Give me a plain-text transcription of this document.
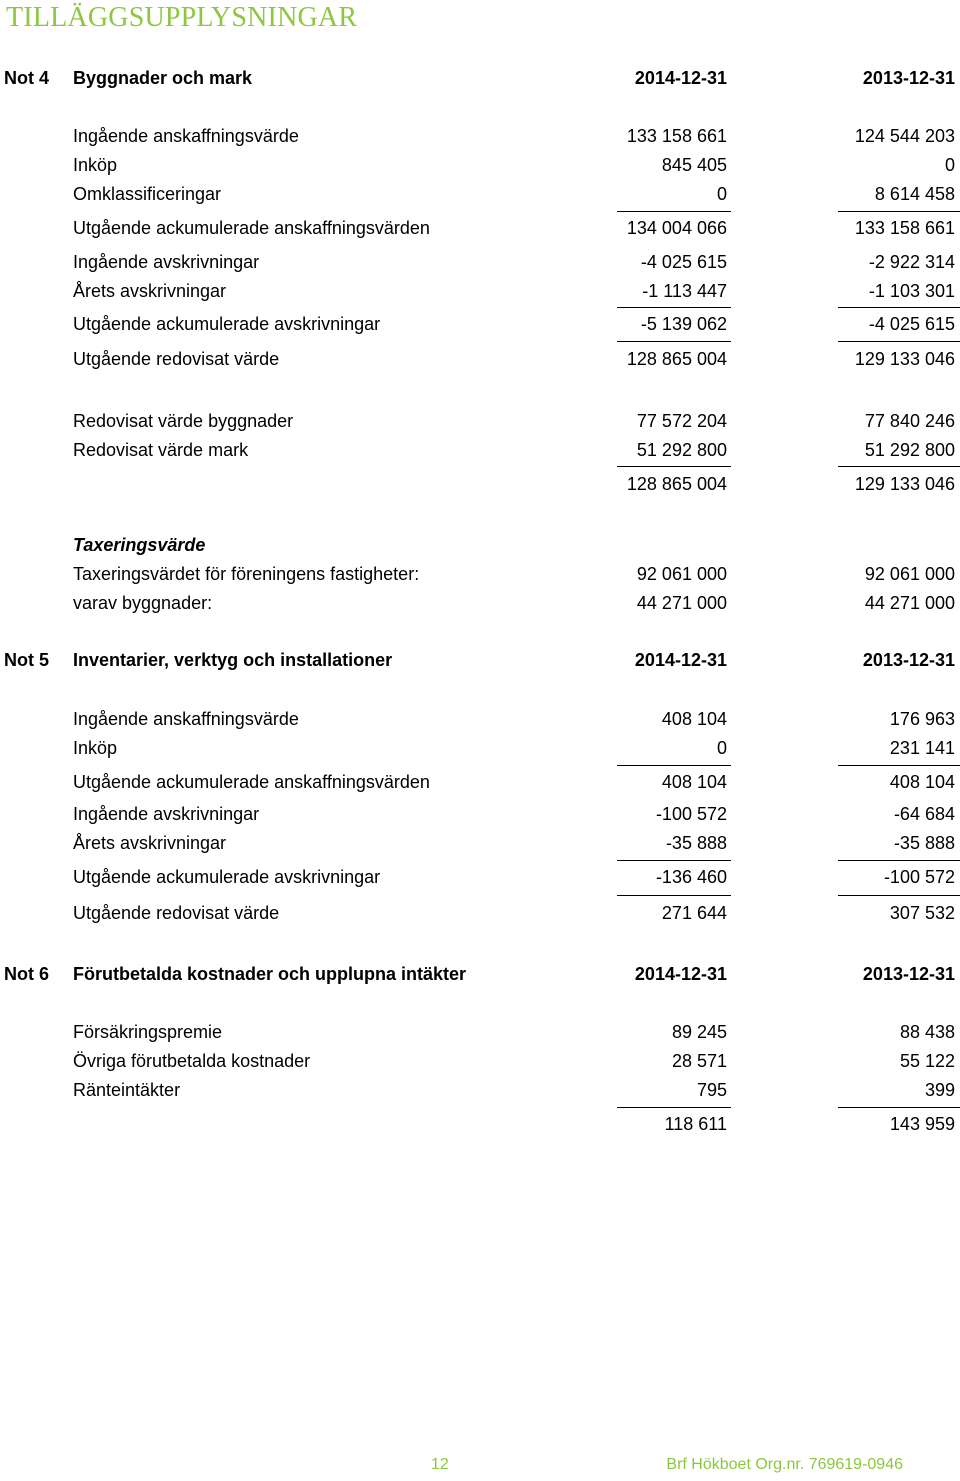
TILLÄGGSUPPLYSNINGAR
Not 4 Byggnader och mark	2014-12-31	2013-12-31
Ingående anskaffningsvärde	133 158 661	124 544 203
Inköp	845 405	0
Omklassificeringar	0	8 614 458
Utgående ackumulerade anskaffningsvärden	134 004 066	133 158 661
Ingående avskrivningar	-4 025 615	-2 922 314
Årets avskrivningar	-1 113 447	-1 103 301
Utgående ackumulerade avskrivningar	-5 139 062	-4 025 615
Utgående redovisat värde	128 865 004	129 133 046
Redovisat värde byggnader	77 572 204	77 840 246
Redovisat värde mark	51 292 800	51 292 800
128 865 004	129 133 046
Taxeringsvärde
Taxeringsvärdet för föreningens fastigheter:	92 061 000	92 061 000
varav byggnader:	44 271 000	44 271 000
Not 5 Inventarier, verktyg och installationer	2014-12-31	2013-12-31
Ingående anskaffningsvärde	408 104	176 963
Inköp	0	231 141
Utgående ackumulerade anskaffningsvärden	408 104	408 104
Ingående avskrivningar	-100 572	-64 684
Årets avskrivningar	-35 888	-35 888
Utgående ackumulerade avskrivningar	-136 460	-100 572
Utgående redovisat värde	271 644	307 532
Not 6 Förutbetalda kostnader och upplupna intäkter	2014-12-31	2013-12-31
Försäkringspremie	89 245	88 438
Övriga förutbetalda kostnader	28 571	55 122
Ränteintäkter	795	399
118 611	143 959
12	Brf Hökboet Org.nr. 769619-0946
